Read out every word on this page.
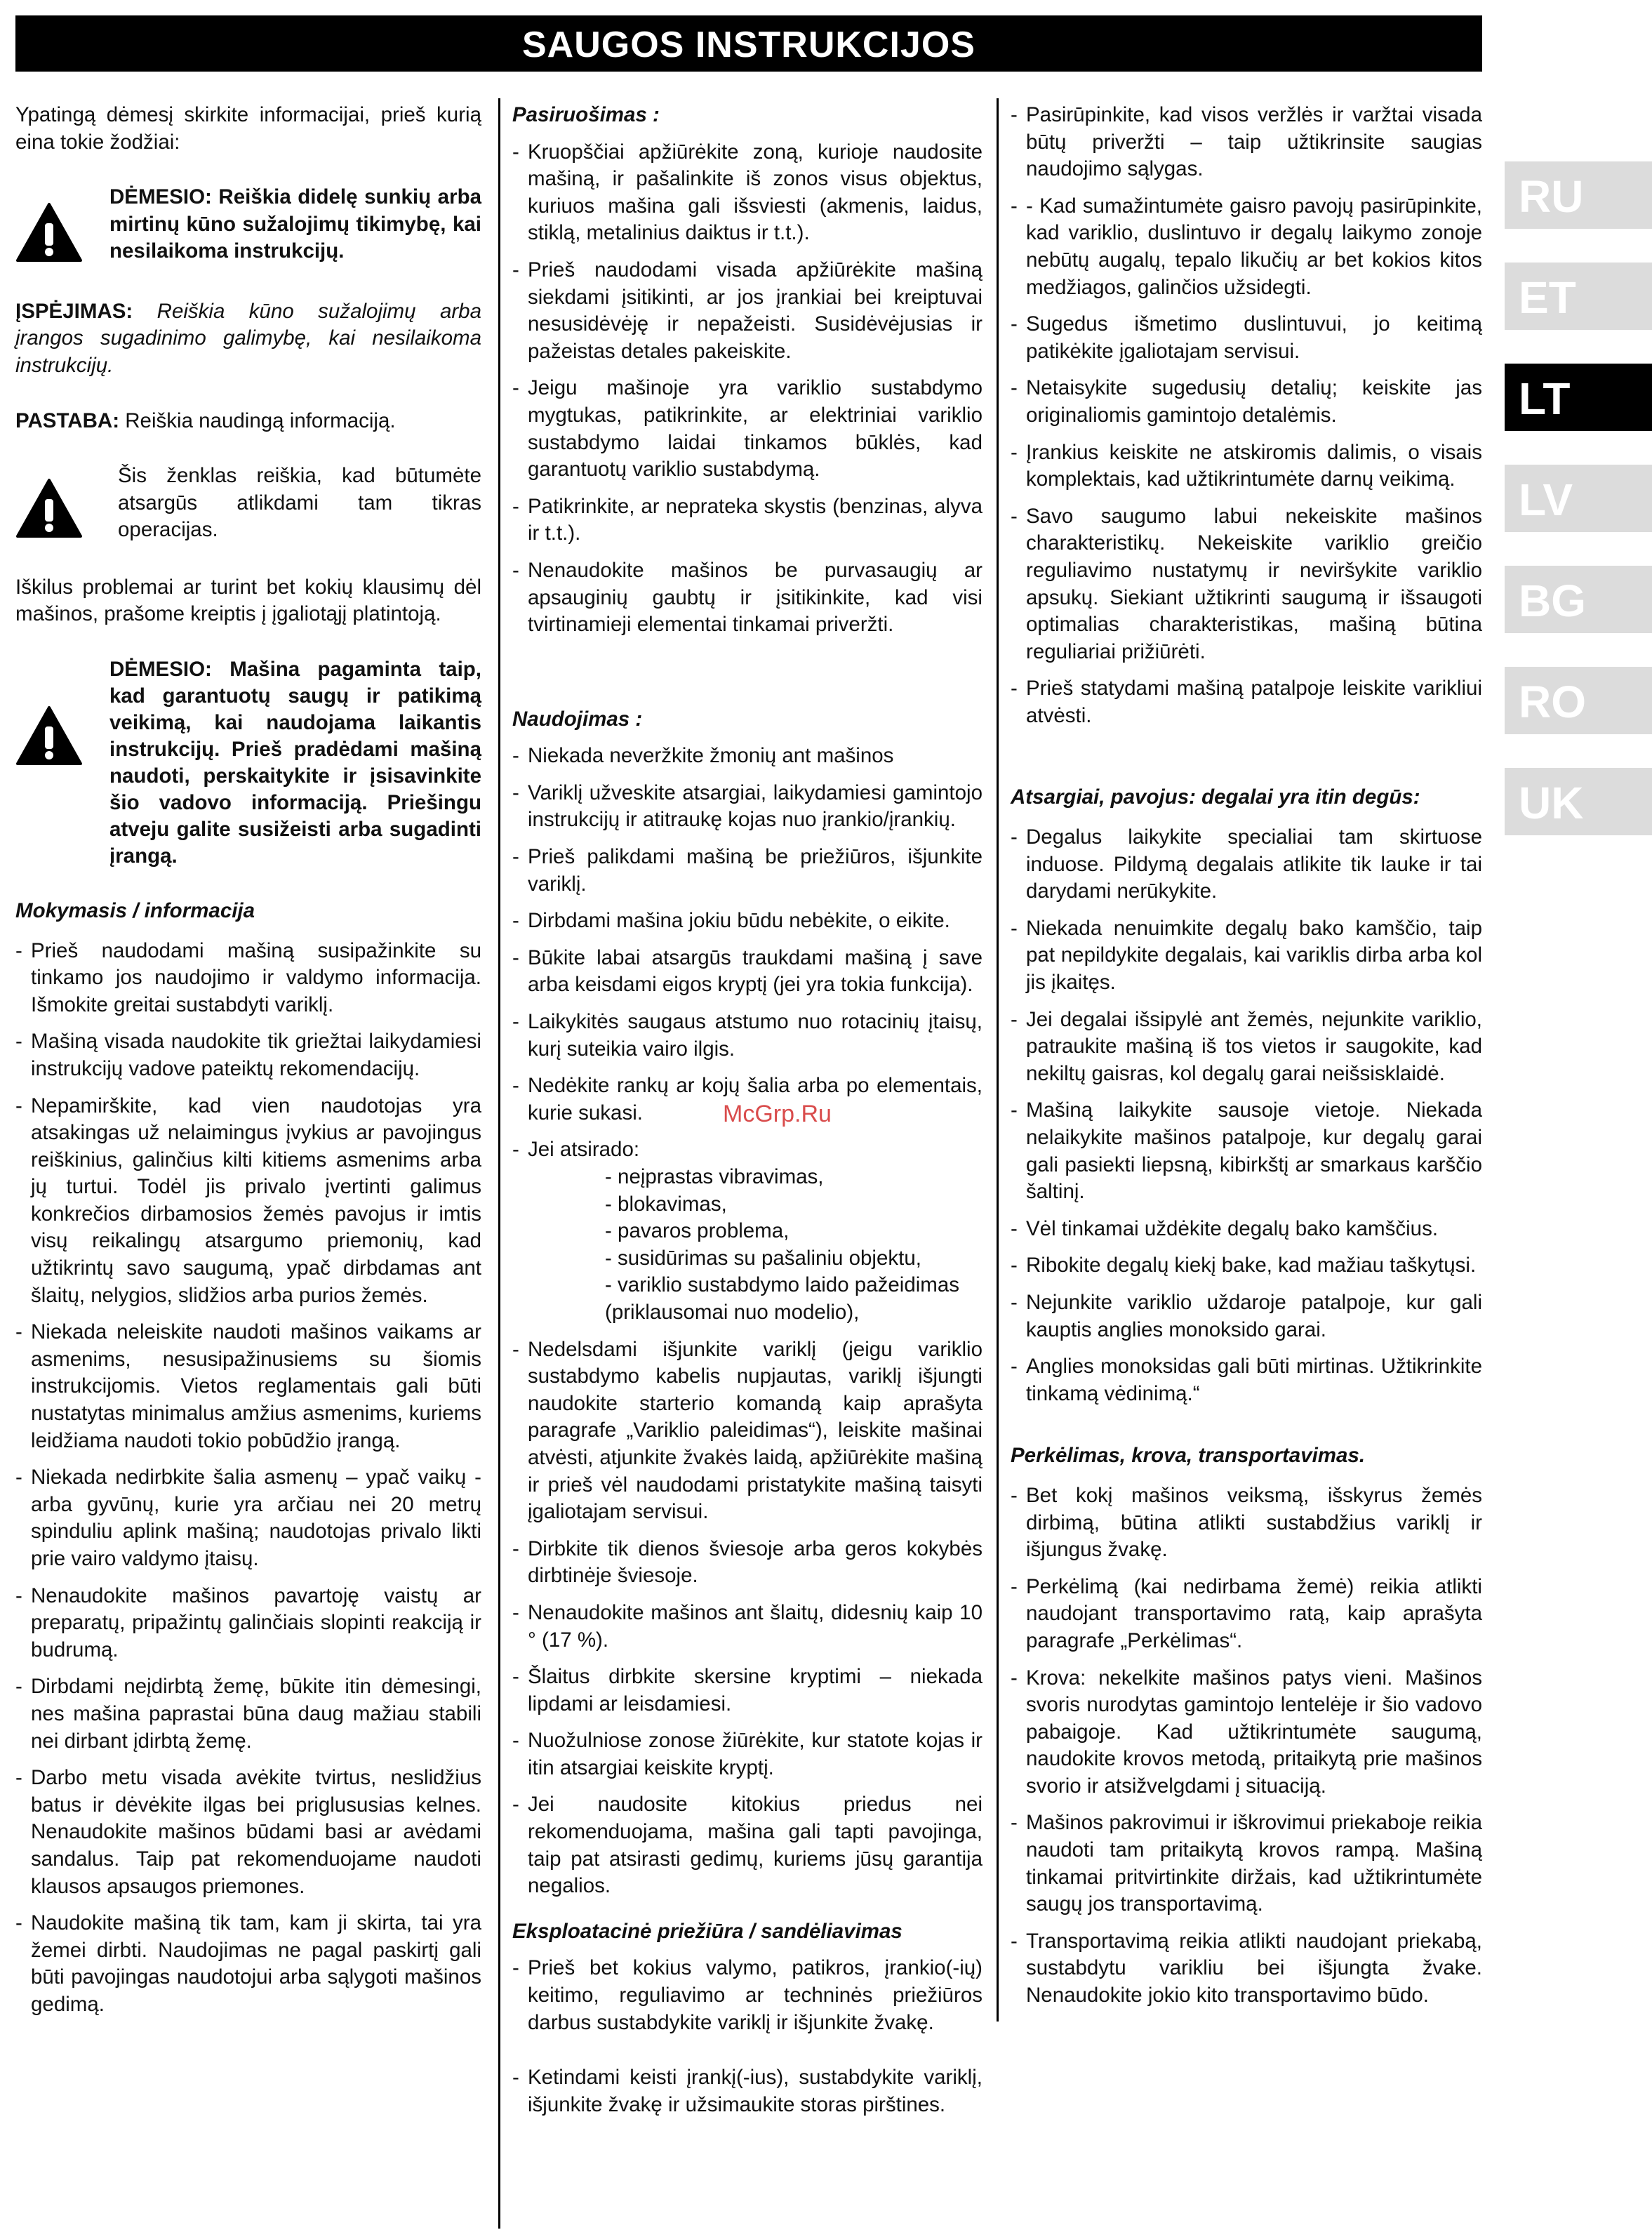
SAUGOS INSTRUKCIJOS

Ypatingą dėmesį skirkite informacijai, prieš kurią eina tokie žodžiai:

DĖMESIO: Reiškia didelę sunkių arba mirtinų kūno sužalojimų tikimybę, kai nesilaikoma instrukcijų.

ĮSPĖJIMAS: Reiškia kūno sužalojimų arba įrangos sugadinimo galimybę, kai nesilaikoma instrukcijų.

PASTABA: Reiškia naudingą informaciją.

Šis ženklas reiškia, kad būtumėte atsargūs atlikdami tam tikras operacijas.

Iškilus problemai ar turint bet kokių klausimų dėl mašinos, prašome kreiptis į įgaliotąjį platintoją.

DĖMESIO: Mašina pagaminta taip, kad garantuotų saugų ir patikimą veikimą, kai naudojama laikantis instrukcijų. Prieš pradėdami mašiną naudoti, perskaitykite ir įsisavinkite šio vadovo informaciją. Priešingu atveju galite susižeisti arba sugadinti įrangą.
Mokymasis / informacija
- Prieš naudodami mašiną susipažinkite su tinkamo jos naudojimo ir valdymo informacija. Išmokite greitai sustabdyti variklį.
- Mašiną visada naudokite tik griežtai laikydamiesi instrukcijų vadove pateiktų rekomendacijų.
- Nepamirškite, kad vien naudotojas yra atsakingas už nelaimingus įvykius ar pavojingus reiškinius, galinčius kilti kitiems asmenims arba jų turtui. Todėl jis privalo įvertinti galimus konkrečios dirbamosios žemės pavojus ir imtis visų reikalingų atsargumo priemonių, kad užtikrintų savo saugumą, ypač dirbdamas ant šlaitų, nelygios, slidžios arba purios žemės.
- Niekada neleiskite naudoti mašinos vaikams ar asmenims, nesusipažinusiems su šiomis instrukcijomis. Vietos reglamentais gali būti nustatytas minimalus amžius asmenims, kuriems leidžiama naudoti tokio pobūdžio įrangą.
- Niekada nedirbkite šalia asmenų – ypač vaikų - arba gyvūnų, kurie yra arčiau nei 20 metrų spinduliu aplink mašiną; naudotojas privalo likti prie vairo valdymo įtaisų.
- Nenaudokite mašinos pavartoję vaistų ar preparatų, pripažintų galinčiais slopinti reakciją ir budrumą.
- Dirbdami neįdirbtą žemę, būkite itin dėmesingi, nes mašina paprastai būna daug mažiau stabili nei dirbant įdirbtą žemę.
- Darbo metu visada avėkite tvirtus, neslidžius batus ir dėvėkite ilgas bei priglususias kelnes. Nenaudokite mašinos būdami basi ar avėdami sandalus. Taip pat rekomenduojame naudoti klausos apsaugos priemones.
- Naudokite mašiną tik tam, kam ji skirta, tai yra žemei dirbti. Naudojimas ne pagal paskirtį gali būti pavojingas naudotojui arba sąlygoti mašinos gedimą.
Pasiruošimas :
- Kruopščiai apžiūrėkite zoną, kurioje naudosite mašiną, ir pašalinkite iš zonos visus objektus, kuriuos mašina gali išsviesti (akmenis, laidus, stiklą, metalinius daiktus ir t.t.).
- Prieš naudodami visada apžiūrėkite mašiną siekdami įsitikinti, ar jos įrankiai bei kreiptuvai nesusidėvėję ir nepažeisti. Susidėvėjusias ir pažeistas detales pakeiskite.
- Jeigu mašinoje yra variklio sustabdymo mygtukas, patikrinkite, ar elektriniai variklio sustabdymo laidai tinkamos būklės, kad garantuotų variklio sustabdymą.
- Patikrinkite, ar neprateka skystis (benzinas, alyva ir t.t.).
- Nenaudokite mašinos be purvasaugių ar apsauginių gaubtų ir įsitikinkite, kad visi tvirtinamieji elementai tinkamai priveržti.
Naudojimas :
- Niekada neveržkite žmonių ant mašinos
- Variklį užveskite atsargiai, laikydamiesi gamintojo instrukcijų ir atitraukę kojas nuo įrankio/įrankių.
- Prieš palikdami mašiną be priežiūros, išjunkite variklį.
- Dirbdami mašina jokiu būdu nebėkite, o eikite.
- Būkite labai atsargūs traukdami mašiną į save arba keisdami eigos kryptį (jei yra tokia funkcija).
- Laikykitės saugaus atstumo nuo rotacinių įtaisų, kurį suteikia vairo ilgis.
- Nedėkite rankų ar kojų šalia arba po elementais, kurie sukasi.
- Jei atsirado:
- neįprastas vibravimas,
- blokavimas,
- pavaros problema,
- susidūrimas su pašaliniu objektu,
- variklio sustabdymo laido pažeidimas (priklausomai nuo modelio),
- Nedelsdami išjunkite variklį (jeigu variklio sustabdymo kabelis nupjautas, variklį išjungti naudokite starterio komandą kaip aprašyta paragrafe „Variklio paleidimas“), leiskite mašinai atvėsti, atjunkite žvakės laidą, apžiūrėkite mašiną ir prieš vėl naudodami pristatykite mašiną taisyti įgaliotajam servisui.
- Dirbkite tik dienos šviesoje arba geros kokybės dirbtinėje šviesoje.
- Nenaudokite mašinos ant šlaitų, didesnių kaip 10 ° (17 %).
- Šlaitus dirbkite skersine kryptimi – niekada lipdami ar leisdamiesi.
- Nuožulniose zonose žiūrėkite, kur statote kojas ir itin atsargiai keiskite kryptį.
- Jei naudosite kitokius priedus nei rekomenduojama, mašina gali tapti pavojinga, taip pat atsirasti gedimų, kuriems jūsų garantija negalios.
Eksploatacinė priežiūra / sandėliavimas
- Prieš bet kokius valymo, patikros, įrankio(-ių) keitimo, reguliavimo ar techninės priežiūros darbus sustabdykite variklį ir išjunkite žvakę.
- Ketindami keisti įrankį(-ius), sustabdykite variklį, išjunkite žvakę ir užsimaukite storas pirštines.
- Pasirūpinkite, kad visos veržlės ir varžtai visada būtų priveržti – taip užtikrinsite saugias naudojimo sąlygas.
- - Kad sumažintumėte gaisro pavojų pasirūpinkite, kad variklio, duslintuvo ir degalų laikymo zonoje nebūtų augalų, tepalo likučių ar bet kokios kitos medžiagos, galinčios užsidegti.
- Sugedus išmetimo duslintuvui, jo keitimą patikėkite įgaliotajam servisui.
- Netaisykite sugedusių detalių; keiskite jas originaliomis gamintojo detalėmis.
- Įrankius keiskite ne atskiromis dalimis, o visais komplektais, kad užtikrintumėte darnų veikimą.
- Savo saugumo labui nekeiskite mašinos charakteristikų. Nekeiskite variklio greičio reguliavimo nustatymų ir neviršykite variklio apsukų. Siekiant užtikrinti saugumą ir išsaugoti optimalias charakteristikas, mašiną būtina reguliariai prižiūrėti.
- Prieš statydami mašiną patalpoje leiskite varikliui atvėsti.
Atsargiai, pavojus: degalai yra itin degūs:
- Degalus laikykite specialiai tam skirtuose induose. Pildymą degalais atlikite tik lauke ir tai darydami nerūkykite.
- Niekada nenuimkite degalų bako kamščio, taip pat nepildykite degalais, kai variklis dirba arba kol jis įkaitęs.
- Jei degalai išsipylė ant žemės, nejunkite variklio, patraukite mašiną iš tos vietos ir saugokite, kad nekiltų gaisras, kol degalų garai neišsisklaidė.
- Mašiną laikykite sausoje vietoje. Niekada nelaikykite mašinos patalpoje, kur degalų garai gali pasiekti liepsną, kibirkštį ar smarkaus karščio šaltinį.
- Vėl tinkamai uždėkite degalų bako kamščius.
- Ribokite degalų kiekį bake, kad mažiau taškytųsi.
- Nejunkite variklio uždaroje patalpoje, kur gali kauptis anglies monoksido garai.
- Anglies monoksidas gali būti mirtinas. Užtikrinkite tinkamą vėdinimą.“
Perkėlimas, krova, transportavimas.
- Bet kokį mašinos veiksmą, išskyrus žemės dirbimą, būtina atlikti sustabdžius variklį ir išjungus žvakę.
- Perkėlimą (kai nedirbama žemė) reikia atlikti naudojant transportavimo ratą, kaip aprašyta paragrafe „Perkėlimas“.
- Krova: nekelkite mašinos patys vieni. Mašinos svoris nurodytas gamintojo lentelėje ir šio vadovo pabaigoje. Kad užtikrintumėte saugumą, naudokite krovos metodą, pritaikytą prie mašinos svorio ir atsižvelgdami į situaciją.
- Mašinos pakrovimui ir iškrovimui priekaboje reikia naudoti tam pritaikytą krovos rampą. Mašiną tinkamai pritvirtinkite diržais, kad užtikrintumėte saugų jos transportavimą.
- Transportavimą reikia atlikti naudojant priekabą, sustabdytu varikliu bei išjungta žvake. Nenaudokite jokio kito transportavimo būdo.
RU
ET
LT
LV
BG
RO
UK
McGrp.Ru
